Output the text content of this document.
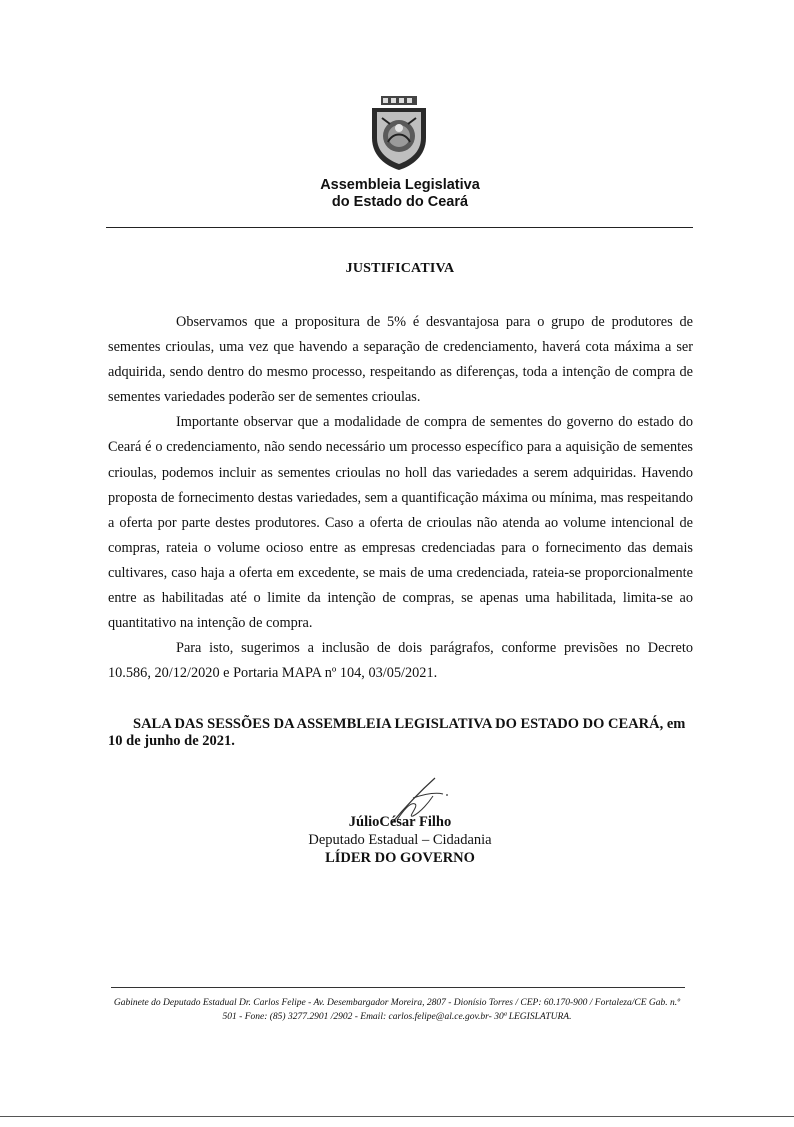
Assembleia Legislativa
do Estado do Ceará
JUSTIFICATIVA

Observamos que a propositura de 5% é desvantajosa para o grupo de produtores de sementes crioulas, uma vez que havendo a separação de credenciamento, haverá cota máxima a ser adquirida, sendo dentro do mesmo processo, respeitando as diferenças, toda a intenção de compra de sementes variedades poderão ser de sementes crioulas.

Importante observar que a modalidade de compra de sementes do governo do estado do Ceará é o credenciamento, não sendo necessário um processo específico para a aquisição de sementes crioulas, podemos incluir as sementes crioulas no holl das variedades a serem adquiridas. Havendo proposta de fornecimento destas variedades, sem a quantificação máxima ou mínima, mas respeitando a oferta por parte destes produtores. Caso a oferta de crioulas não atenda ao volume intencional de compras, rateia o volume ocioso entre as empresas credenciadas para o fornecimento das demais cultivares, caso haja a oferta em excedente, se mais de uma credenciada, rateia-se proporcionalmente entre as habilitadas até o limite da intenção de compras, se apenas uma habilitada, limita-se ao quantitativo na intenção de compra.

Para isto, sugerimos a inclusão de dois parágrafos, conforme previsões no Decreto 10.586, 20/12/2020 e Portaria MAPA nº 104, 03/05/2021.

SALA DAS SESSÕES DA ASSEMBLEIA LEGISLATIVA DO ESTADO DO CEARÁ, em
10 de junho de 2021.
JúlioCésar Filho
Deputado Estadual – Cidadania
LÍDER DO GOVERNO
Gabinete do Deputado Estadual Dr. Carlos Felipe - Av. Desembargador Moreira, 2807 - Dionísio Torres / CEP: 60.170-900 / Fortaleza/CE Gab. n.º
501 - Fone: (85) 3277.2901 /2902 - Email: carlos.felipe@al.ce.gov.br- 30ª LEGISLATURA.
